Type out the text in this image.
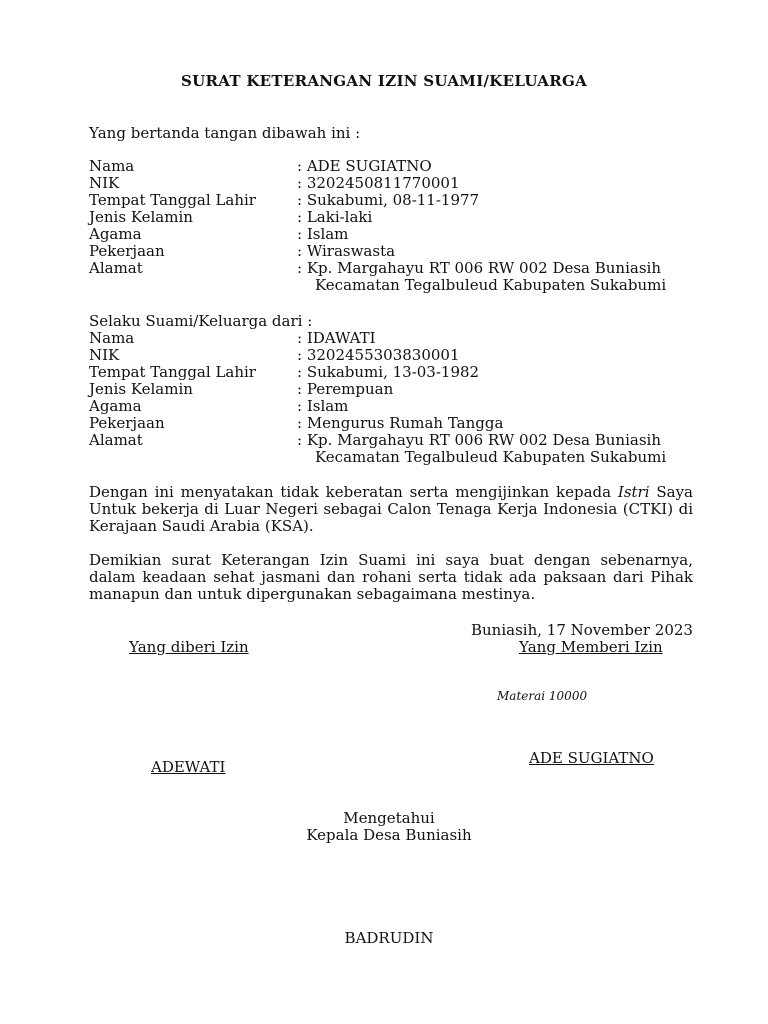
SURAT KETERANGAN IZIN SUAMI/KELUARGA
Yang bertanda tangan dibawah ini :
Nama	: ADE SUGIATNO
NIK	: 3202450811770001
Tempat Tanggal Lahir	: Sukabumi, 08-11-1977
Jenis Kelamin	: Laki-laki
Agama	: Islam
Pekerjaan	: Wiraswasta
Alamat	: Kp. Margahayu RT 006 RW 002 Desa Buniasih
Kecamatan Tegalbuleud Kabupaten Sukabumi
Selaku Suami/Keluarga dari :
Nama	: IDAWATI
NIK	: 3202455303830001
Tempat Tanggal Lahir	: Sukabumi, 13-03-1982
Jenis Kelamin	: Perempuan
Agama	: Islam
Pekerjaan	: Mengurus Rumah Tangga
Alamat	: Kp. Margahayu RT 006 RW 002 Desa Buniasih
Kecamatan Tegalbuleud Kabupaten Sukabumi
Dengan ini menyatakan tidak keberatan serta mengijinkan kepada Istri Saya Untuk bekerja di Luar Negeri sebagai Calon Tenaga Kerja Indonesia (CTKI) di Kerajaan Saudi Arabia (KSA).
Demikian surat Keterangan Izin Suami ini saya buat dengan sebenarnya, dalam keadaan sehat jasmani dan rohani serta tidak ada paksaan dari Pihak manapun dan untuk dipergunakan sebagaimana mestinya.
Buniasih, 17 November 2023
Yang diberi Izin	Yang Memberi Izin
Materai 10000
ADEWATI	ADE SUGIATNO
Mengetahui
Kepala Desa Buniasih
BADRUDIN
